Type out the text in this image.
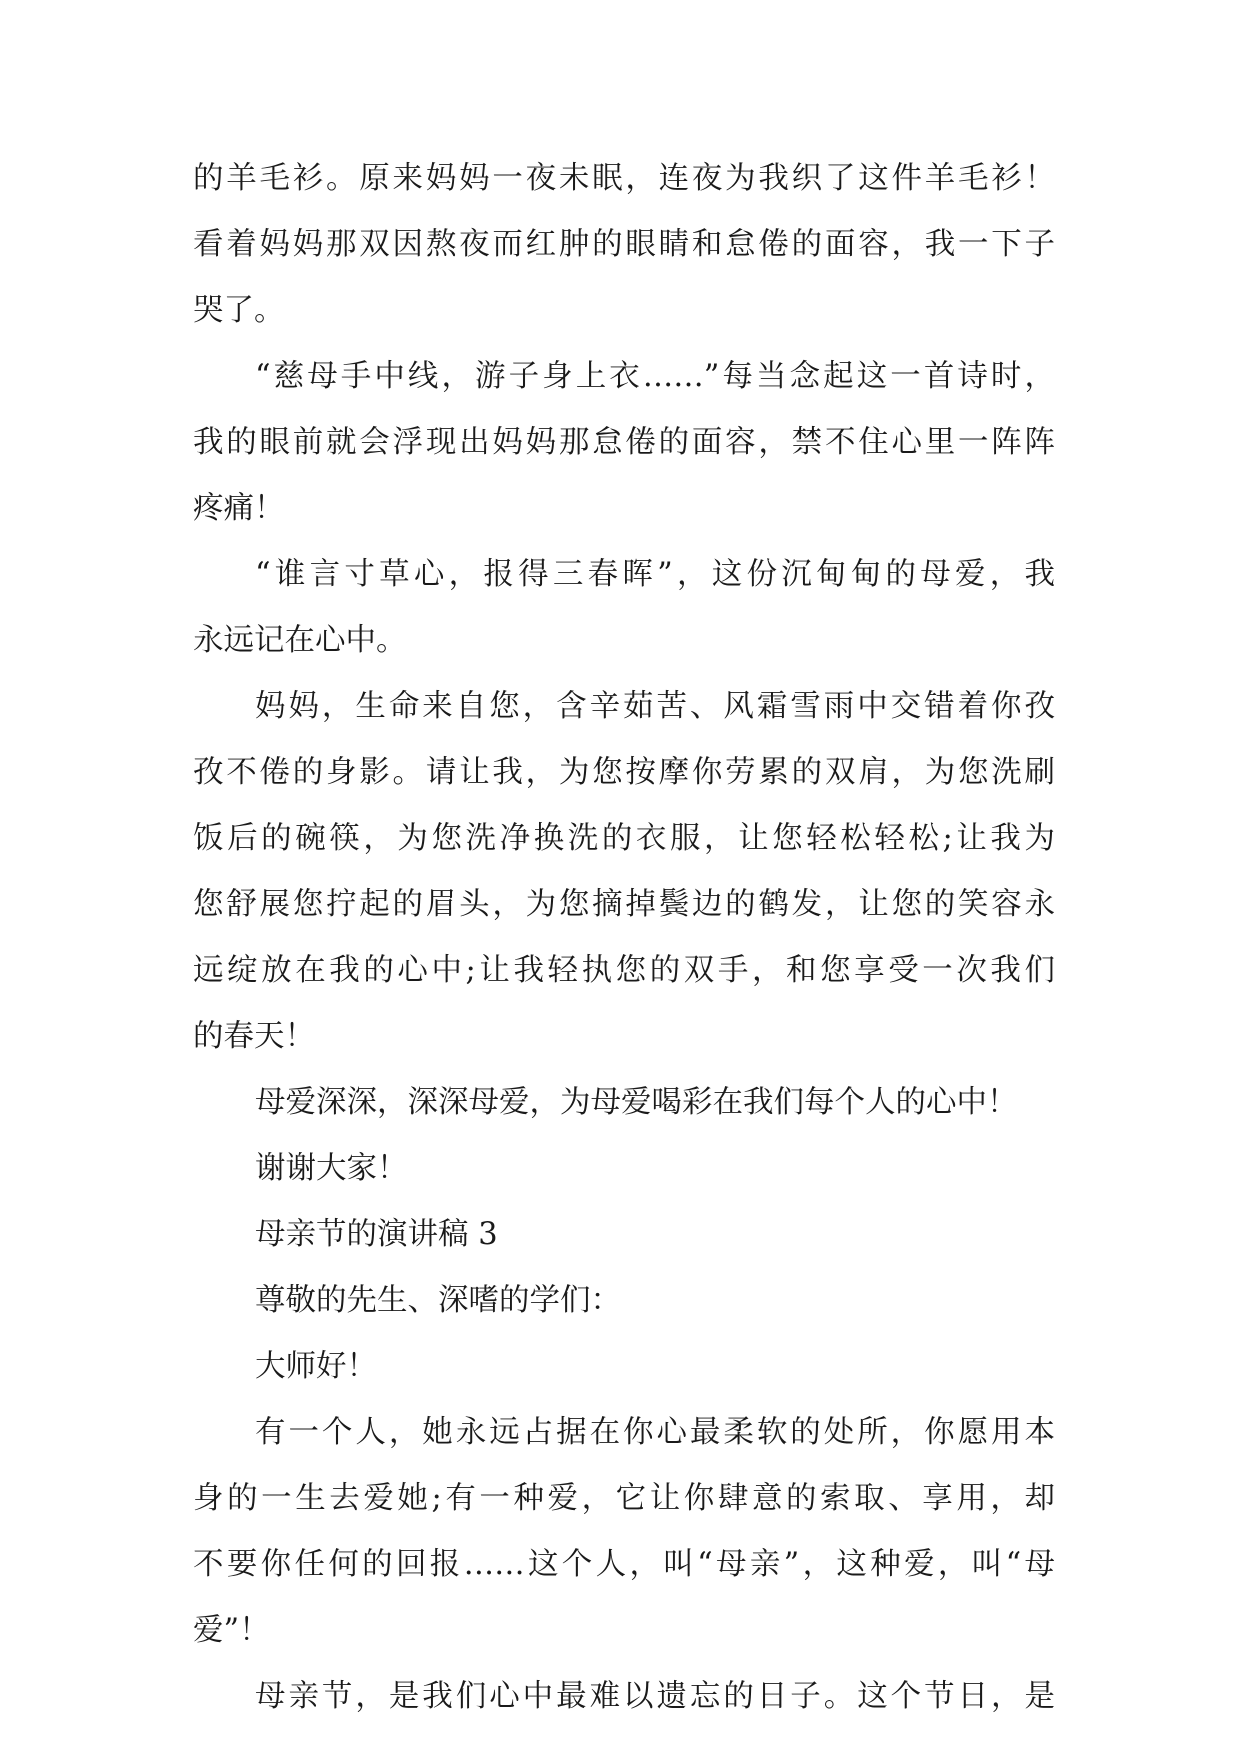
的羊毛衫。原来妈妈一夜未眠，连夜为我织了这件羊毛衫！

看着妈妈那双因熬夜而红肿的眼睛和怠倦的面容，我一下子

哭了。

“慈母手中线，游子身上衣……”每当念起这一首诗时，

我的眼前就会浮现出妈妈那怠倦的面容，禁不住心里一阵阵

疼痛！

“谁言寸草心，报得三春晖”，这份沉甸甸的母爱，我

永远记在心中。

妈妈，生命来自您，含辛茹苦、风霜雪雨中交错着你孜

孜不倦的身影。请让我，为您按摩你劳累的双肩，为您洗刷

饭后的碗筷，为您洗净换洗的衣服，让您轻松轻松;让我为

您舒展您拧起的眉头，为您摘掉鬓边的鹤发，让您的笑容永

远绽放在我的心中;让我轻执您的双手，和您享受一次我们

的春天！

母爱深深，深深母爱，为母爱喝彩在我们每个人的心中！

谢谢大家！

母亲节的演讲稿 3

尊敬的先生、深嗜的学们：

大师好！

有一个人，她永远占据在你心最柔软的处所，你愿用本

身的一生去爱她;有一种爱，它让你肆意的索取、享用，却

不要你任何的回报……这个人，叫“母亲”，这种爱，叫“母

爱”！

母亲节，是我们心中最难以遗忘的日子。这个节日，是
